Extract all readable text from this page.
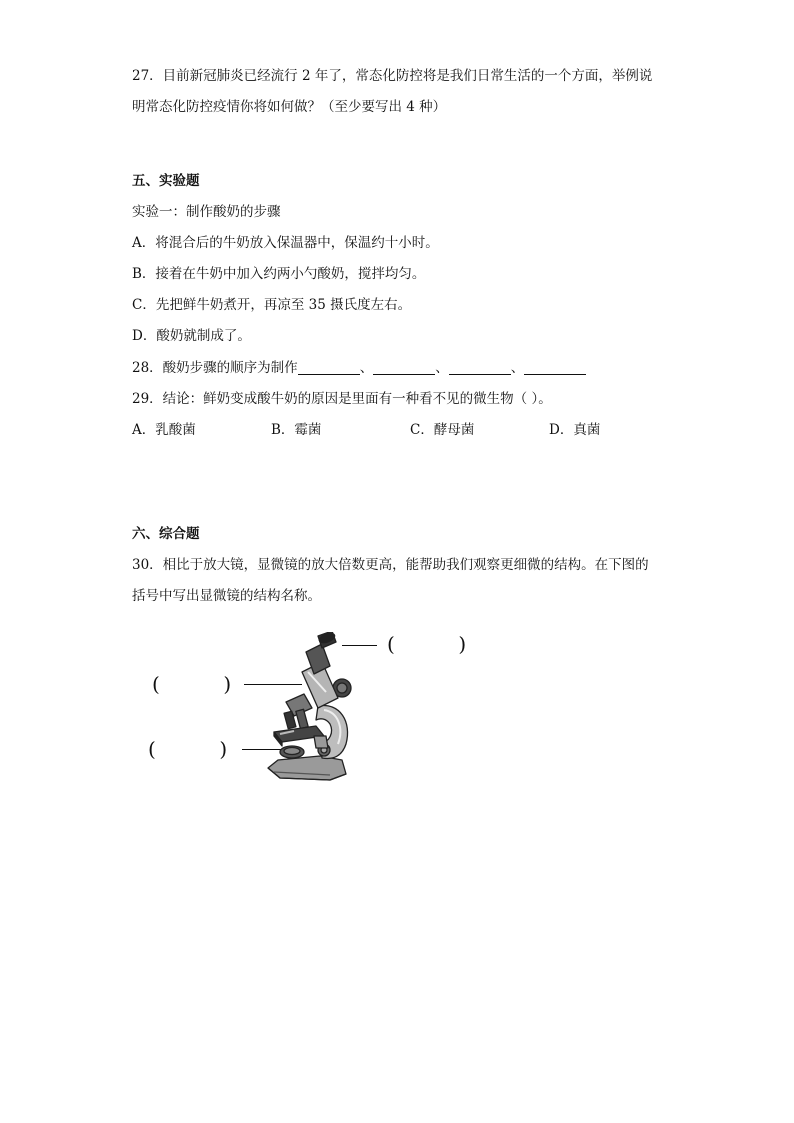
27．目前新冠肺炎已经流行 2 年了，常态化防控将是我们日常生活的一个方面，举例说
明常态化防控疫情你将如何做？（至少要写出 4 种）
五、实验题
实验一：制作酸奶的步骤
A．将混合后的牛奶放入保温器中，保温约十小时。
B．接着在牛奶中加入约两小勺酸奶，搅拌均匀。
C．先把鲜牛奶煮开，再凉至 35 摄氏度左右。
D．酸奶就制成了。
28．酸奶步骤的顺序为制作	、	、	、
29．结论：鲜奶变成酸牛奶的原因是里面有一种看不见的微生物（ ）。
A．乳酸菌	B．霉菌	C．酵母菌	D．真菌
六、综合题
30．相比于放大镜，显微镜的放大倍数更高，能帮助我们观察更细微的结构。在下图的
括号中写出显微镜的结构名称。
(          )
(          )
(          )
